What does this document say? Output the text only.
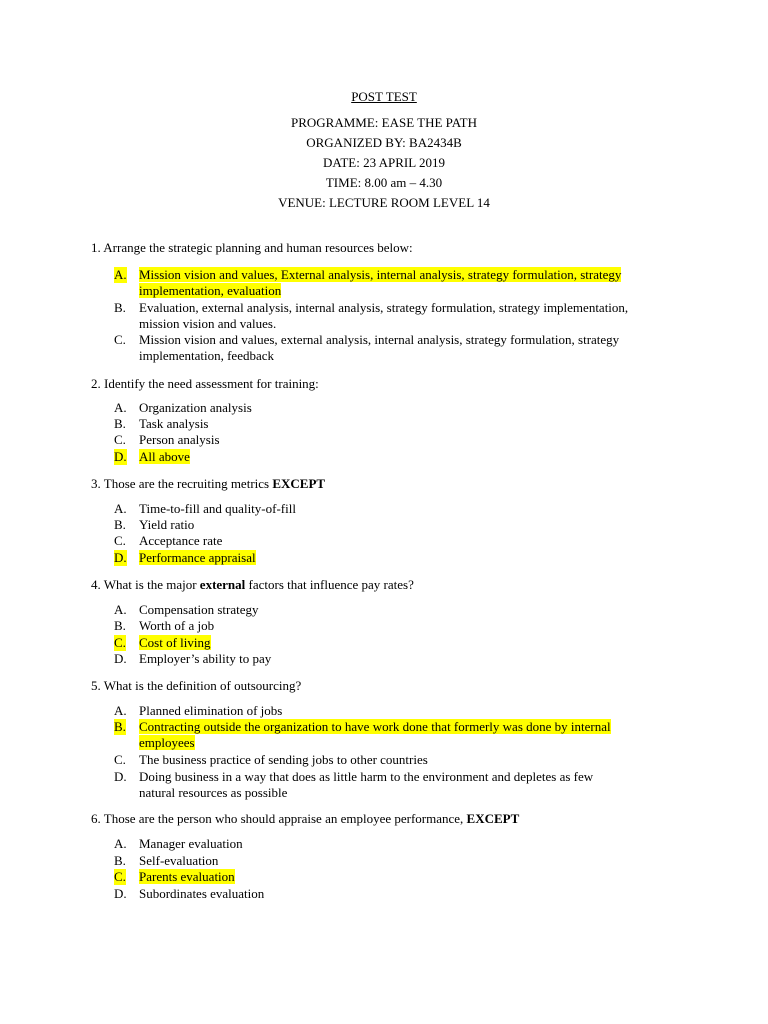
POST TEST
PROGRAMME: EASE THE PATH
ORGANIZED BY: BA2434B
DATE: 23 APRIL 2019
TIME: 8.00 am – 4.30
VENUE: LECTURE ROOM LEVEL 14
1. Arrange the strategic planning and human resources below:
A. Mission vision and values, External analysis, internal analysis, strategy formulation, strategy
implementation, evaluation
B. Evaluation, external analysis, internal analysis, strategy formulation, strategy implementation,
mission vision and values.
C. Mission vision and values, external analysis, internal analysis, strategy formulation, strategy
implementation, feedback
2. Identify the need assessment for training:
A. Organization analysis
B. Task analysis
C. Person analysis
D. All above
3. Those are the recruiting metrics EXCEPT
A. Time-to-fill and quality-of-fill
B. Yield ratio
C. Acceptance rate
D. Performance appraisal
4. What is the major external factors that influence pay rates?
A. Compensation strategy
B. Worth of a job
C. Cost of living
D. Employer’s ability to pay
5. What is the definition of outsourcing?
A. Planned elimination of jobs
B. Contracting outside the organization to have work done that formerly was done by internal
employees
C. The business practice of sending jobs to other countries
D. Doing business in a way that does as little harm to the environment and depletes as few
natural resources as possible
6. Those are the person who should appraise an employee performance, EXCEPT
A. Manager evaluation
B. Self-evaluation
C. Parents evaluation
D. Subordinates evaluation
